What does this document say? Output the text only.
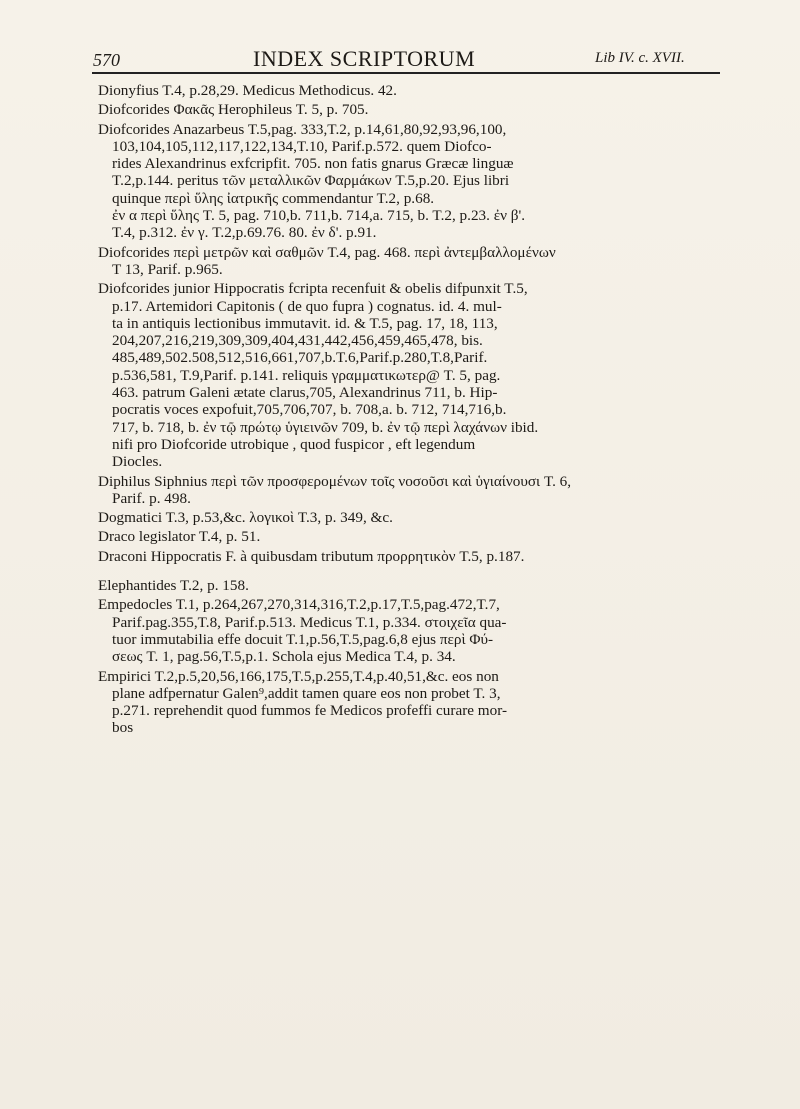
570	INDEX SCRIPTORUM	Lib IV. c. XVII.
Dionyfius T.4, p.28,29. Medicus Methodicus. 42.
Diofcorides Φακᾶς Herophileus T. 5, p. 705.
Diofcorides Anazarbeus T.5,pag. 333,T.2, p.14,61,80,92,93,96,100,
103,104,105,112,117,122,134,T.10, Parif.p.572. quem Diofco-
rides Alexandrinus exfcripfit. 705. non fatis gnarus Græcæ linguæ
T.2,p.144. peritus τῶν μεταλλικῶν Φαρμάκων T.5,p.20. Ejus libri
quinque περὶ ὕλης ἰατρικῆς commendantur T.2, p.68.
ἐν α περὶ ὕλης T. 5, pag. 710,b. 711,b. 714,a. 715, b. T.2, p.23. ἐν β'.
T.4, p.312. ἐν γ. T.2,p.69.76. 80. ἐν δ'. p.91.
Diofcorides περὶ μετρῶν καὶ σαθμῶν T.4, pag. 468. περὶ ἀντεμβαλλομένων
T 13, Parif. p.965.
Diofcorides junior Hippocratis fcripta recenfuit & obelis difpunxit T.5,
p.17. Artemidori Capitonis ( de quo fupra ) cognatus. id. 4. mul-
ta in antiquis lectionibus immutavit. id. & T.5, pag. 17, 18, 113,
204,207,216,219,309,309,404,431,442,456,459,465,478, bis.
485,489,502.508,512,516,661,707,b.T.6,Parif.p.280,T.8,Parif.
p.536,581, T.9,Parif. p.141. reliquis γραμματικωτερ@ T. 5, pag.
463. patrum Galeni ætate clarus,705, Alexandrinus 711, b. Hip-
pocratis voces expofuit,705,706,707, b. 708,a. b. 712, 714,716,b.
717, b. 718, b. ἐν τῷ πρώτῳ ὑγιεινῶν 709, b. ἐν τῷ περὶ λαχάνων ibid.
nifi pro Diofcoride utrobique , quod fuspicor , eft legendum
Diocles.
Diphilus Siphnius περὶ τῶν προσφερομένων τοῖς νοσοῦσι καὶ ὑγιαίνουσι T. 6,
Parif. p. 498.
Dogmatici T.3, p.53,&c. λογικοὶ T.3, p. 349, &c.
Draco legislator T.4, p. 51.
Draconi Hippocratis F. à quibusdam tributum προρρητικὸν T.5, p.187.
Elephantides T.2, p. 158.
Empedocles T.1, p.264,267,270,314,316,T.2,p.17,T.5,pag.472,T.7,
Parif.pag.355,T.8, Parif.p.513. Medicus T.1, p.334. στοιχεῖα qua-
tuor immutabilia effe docuit T.1,p.56,T.5,pag.6,8 ejus περὶ Φύ-
σεως T. 1, pag.56,T.5,p.1. Schola ejus Medica T.4, p. 34.
Empirici T.2,p.5,20,56,166,175,T.5,p.255,T.4,p.40,51,&c. eos non
plane adfpernatur Galen⁹,addit tamen quare eos non probet T. 3,
p.271. reprehendit quod fummos fe Medicos profeffi curare mor-
bos
